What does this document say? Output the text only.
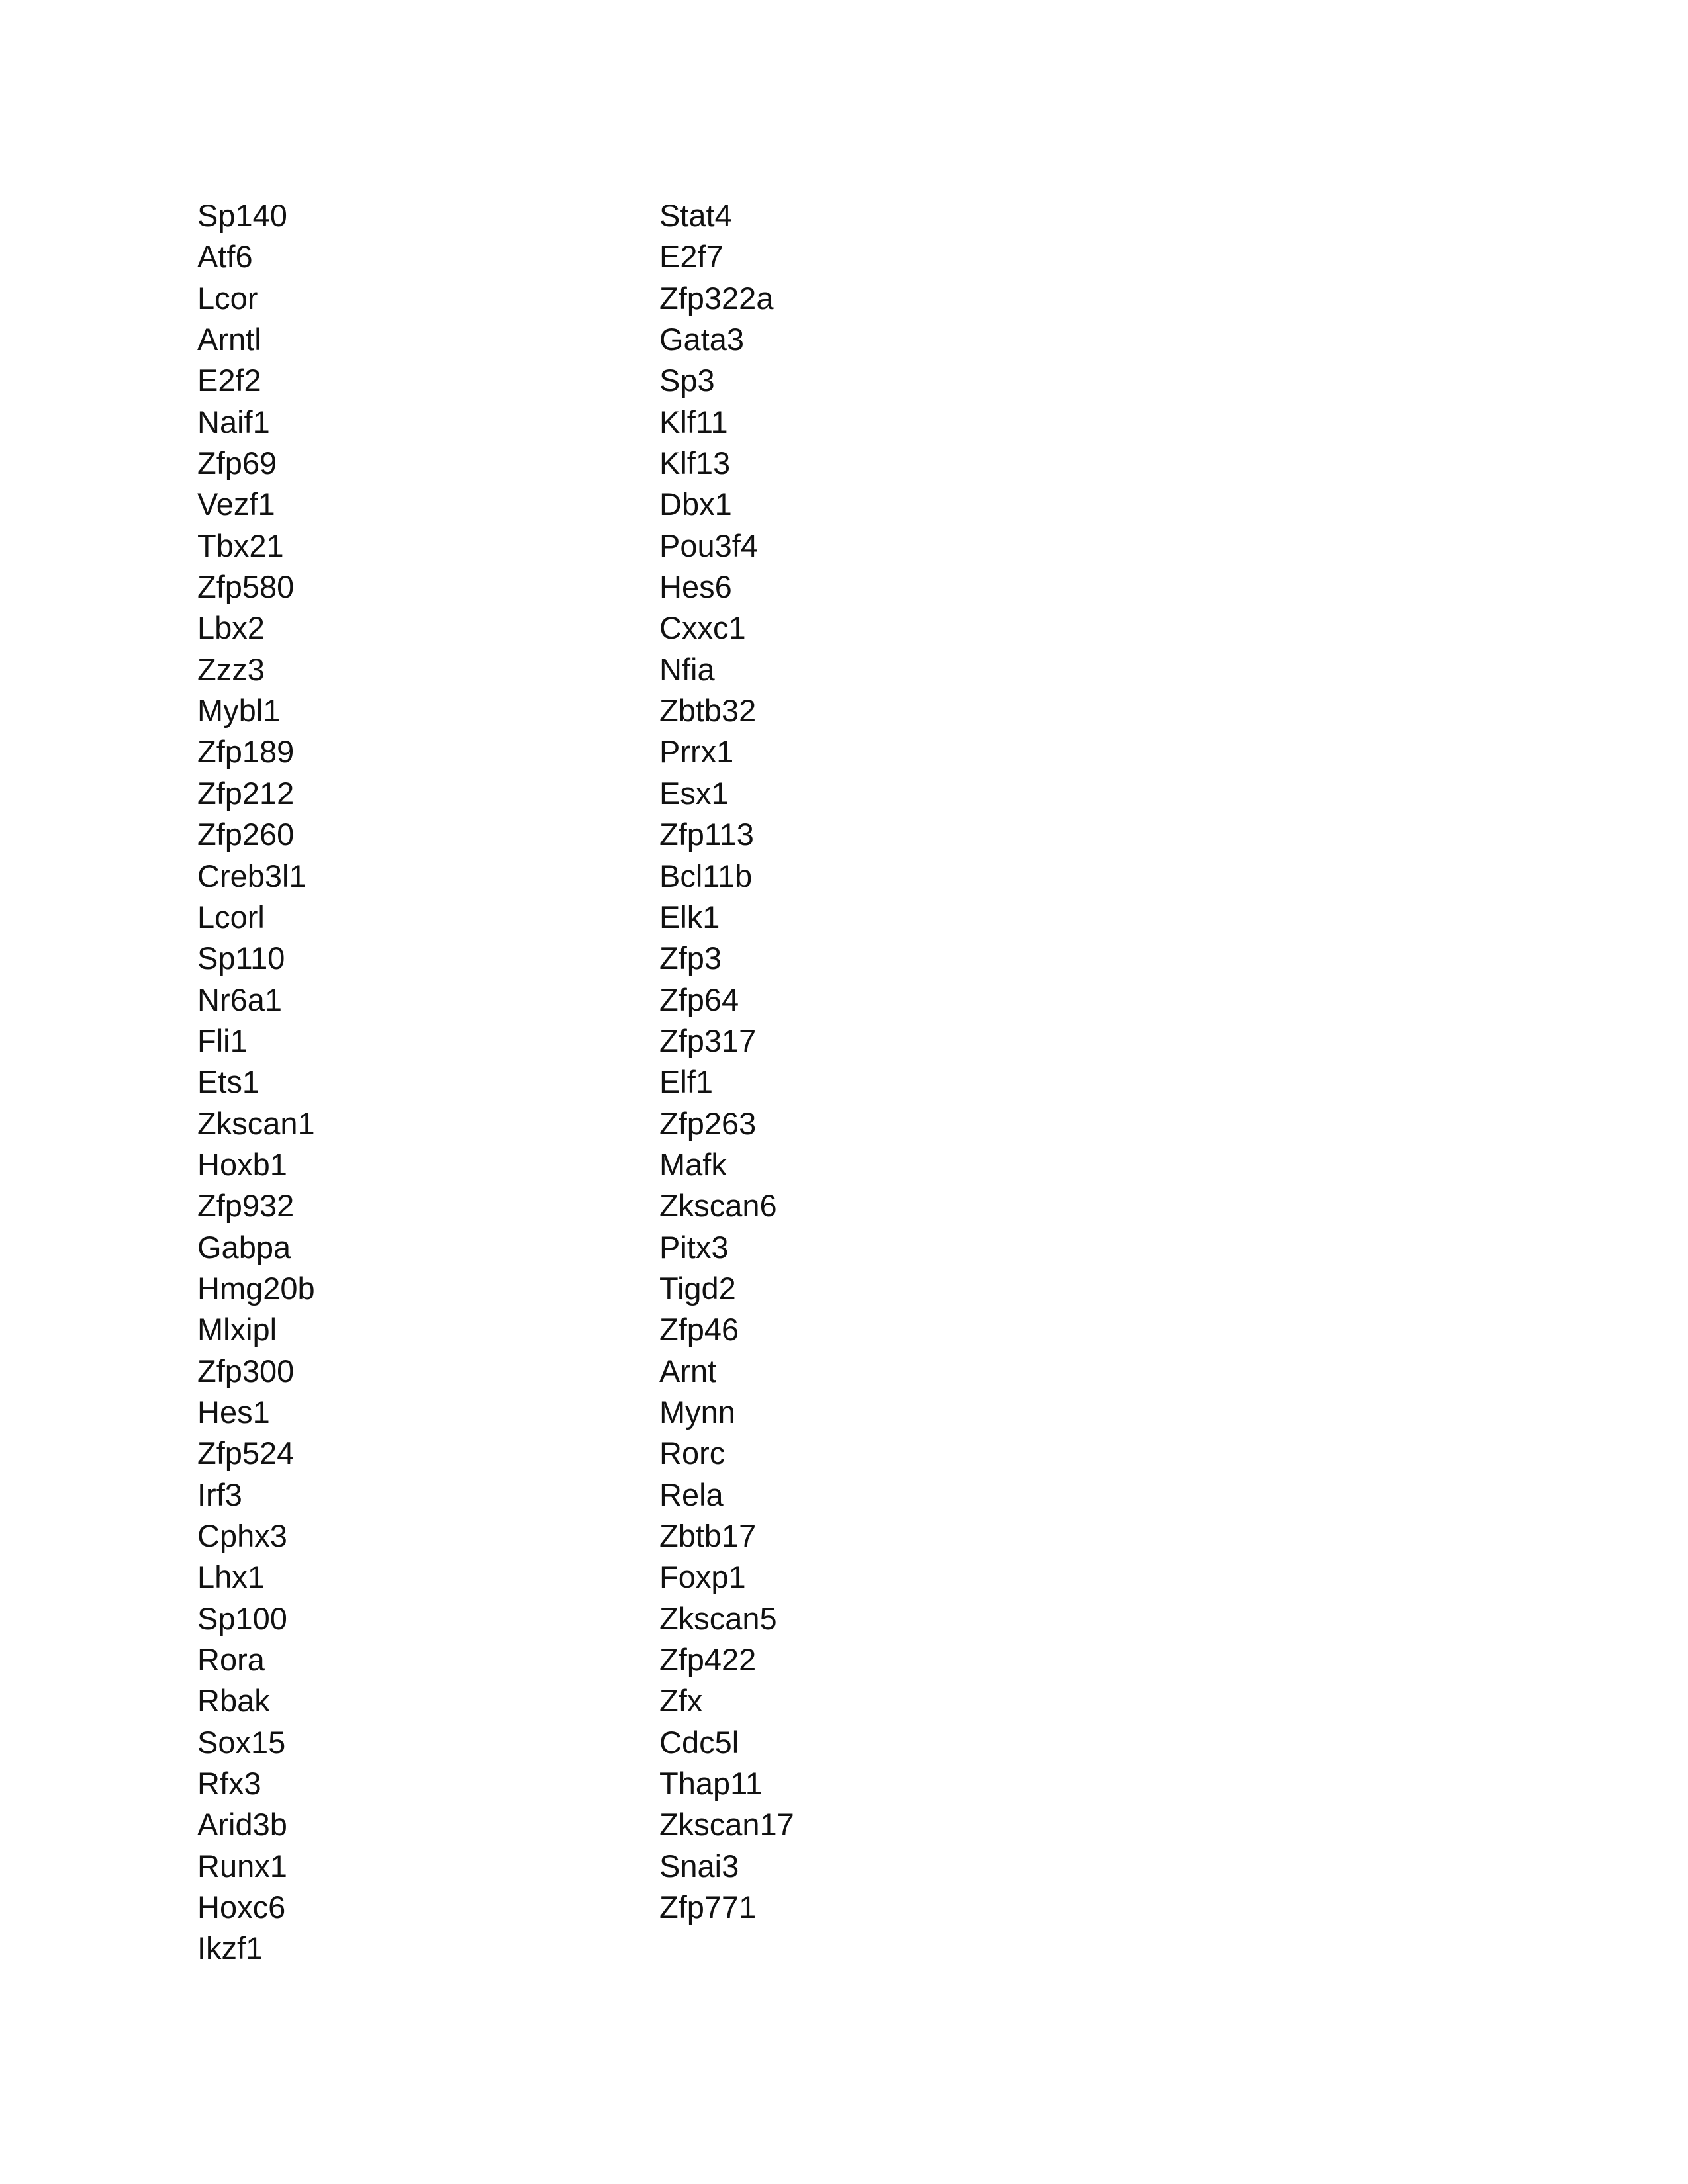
Sp140
Atf6
Lcor
Arntl
E2f2
Naif1
Zfp69
Vezf1
Tbx21
Zfp580
Lbx2
Zzz3
Mybl1
Zfp189
Zfp212
Zfp260
Creb3l1
Lcorl
Sp110
Nr6a1
Fli1
Ets1
Zkscan1
Hoxb1
Zfp932
Gabpa
Hmg20b
Mlxipl
Zfp300
Hes1
Zfp524
Irf3
Cphx3
Lhx1
Sp100
Rora
Rbak
Sox15
Rfx3
Arid3b
Runx1
Hoxc6
Ikzf1
Stat4
E2f7
Zfp322a
Gata3
Sp3
Klf11
Klf13
Dbx1
Pou3f4
Hes6
Cxxc1
Nfia
Zbtb32
Prrx1
Esx1
Zfp113
Bcl11b
Elk1
Zfp3
Zfp64
Zfp317
Elf1
Zfp263
Mafk
Zkscan6
Pitx3
Tigd2
Zfp46
Arnt
Mynn
Rorc
Rela
Zbtb17
Foxp1
Zkscan5
Zfp422
Zfx
Cdc5l
Thap11
Zkscan17
Snai3
Zfp771
